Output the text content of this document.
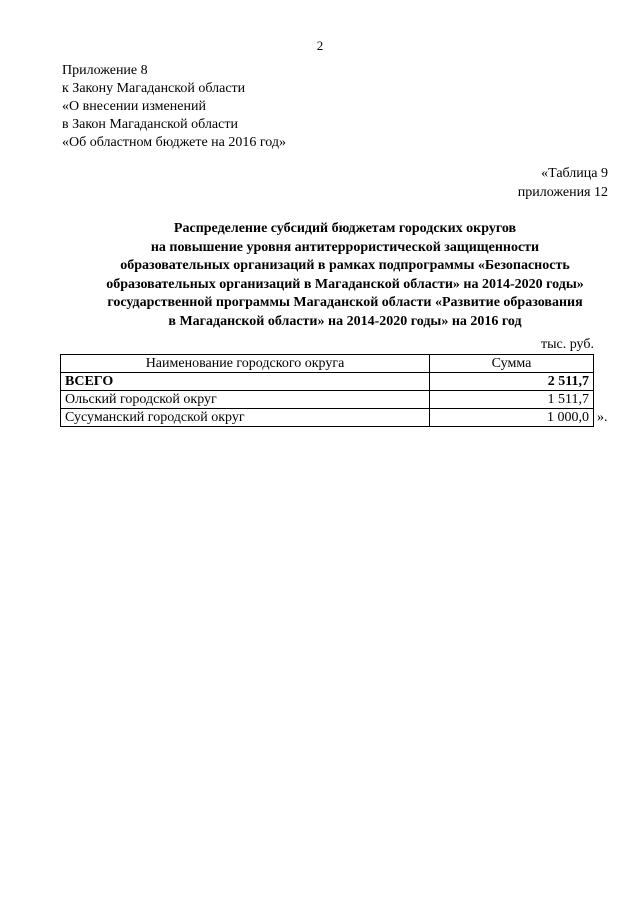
2
Приложение 8
к Закону Магаданской области
«О внесении изменений
в Закон Магаданской области
«Об областном бюджете на 2016 год»
«Таблица 9
приложения 12
Распределение субсидий бюджетам городских округов
на повышение уровня антитеррористической защищенности
образовательных организаций в рамках подпрограммы «Безопасность
образовательных организаций в Магаданской области» на 2014-2020 годы»
государственной программы Магаданской области «Развитие образования
в Магаданской области» на 2014-2020 годы» на 2016 год
тыс. руб.
Наименование городского округа	Сумма
ВСЕГО	2 511,7
Ольский городской округ	1 511,7
Сусуманский городской округ	1 000,0 ».
